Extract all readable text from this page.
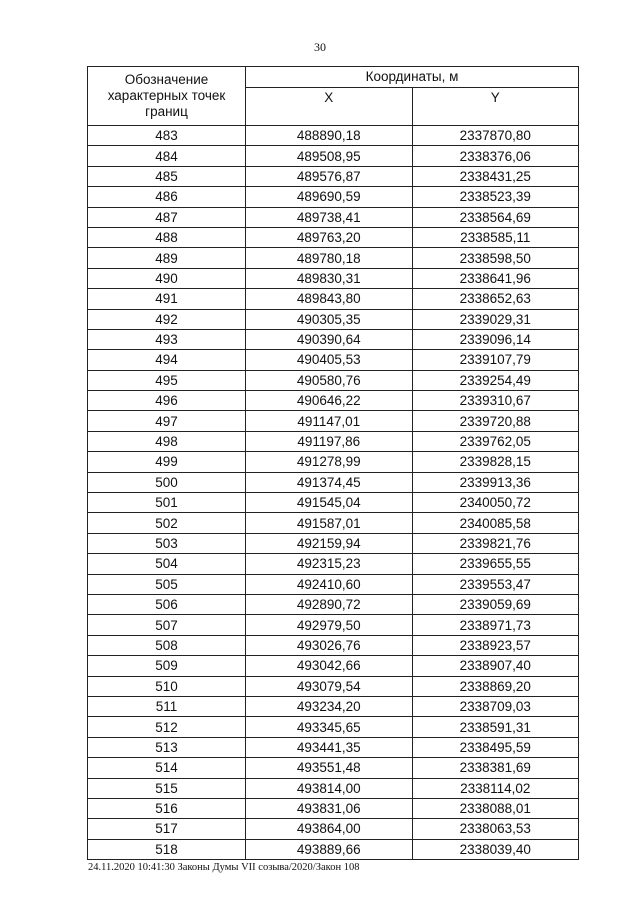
30
Обозначение характерных точек границ	Координаты, м	
	X	Y
483	488890,18	2337870,80
484	489508,95	2338376,06
485	489576,87	2338431,25
486	489690,59	2338523,39
487	489738,41	2338564,69
488	489763,20	2338585,11
489	489780,18	2338598,50
490	489830,31	2338641,96
491	489843,80	2338652,63
492	490305,35	2339029,31
493	490390,64	2339096,14
494	490405,53	2339107,79
495	490580,76	2339254,49
496	490646,22	2339310,67
497	491147,01	2339720,88
498	491197,86	2339762,05
499	491278,99	2339828,15
500	491374,45	2339913,36
501	491545,04	2340050,72
502	491587,01	2340085,58
503	492159,94	2339821,76
504	492315,23	2339655,55
505	492410,60	2339553,47
506	492890,72	2339059,69
507	492979,50	2338971,73
508	493026,76	2338923,57
509	493042,66	2338907,40
510	493079,54	2338869,20
511	493234,20	2338709,03
512	493345,65	2338591,31
513	493441,35	2338495,59
514	493551,48	2338381,69
515	493814,00	2338114,02
516	493831,06	2338088,01
517	493864,00	2338063,53
518	493889,66	2338039,40
24.11.2020 10:41:30 Законы Думы VII созыва/2020/Закон 108
